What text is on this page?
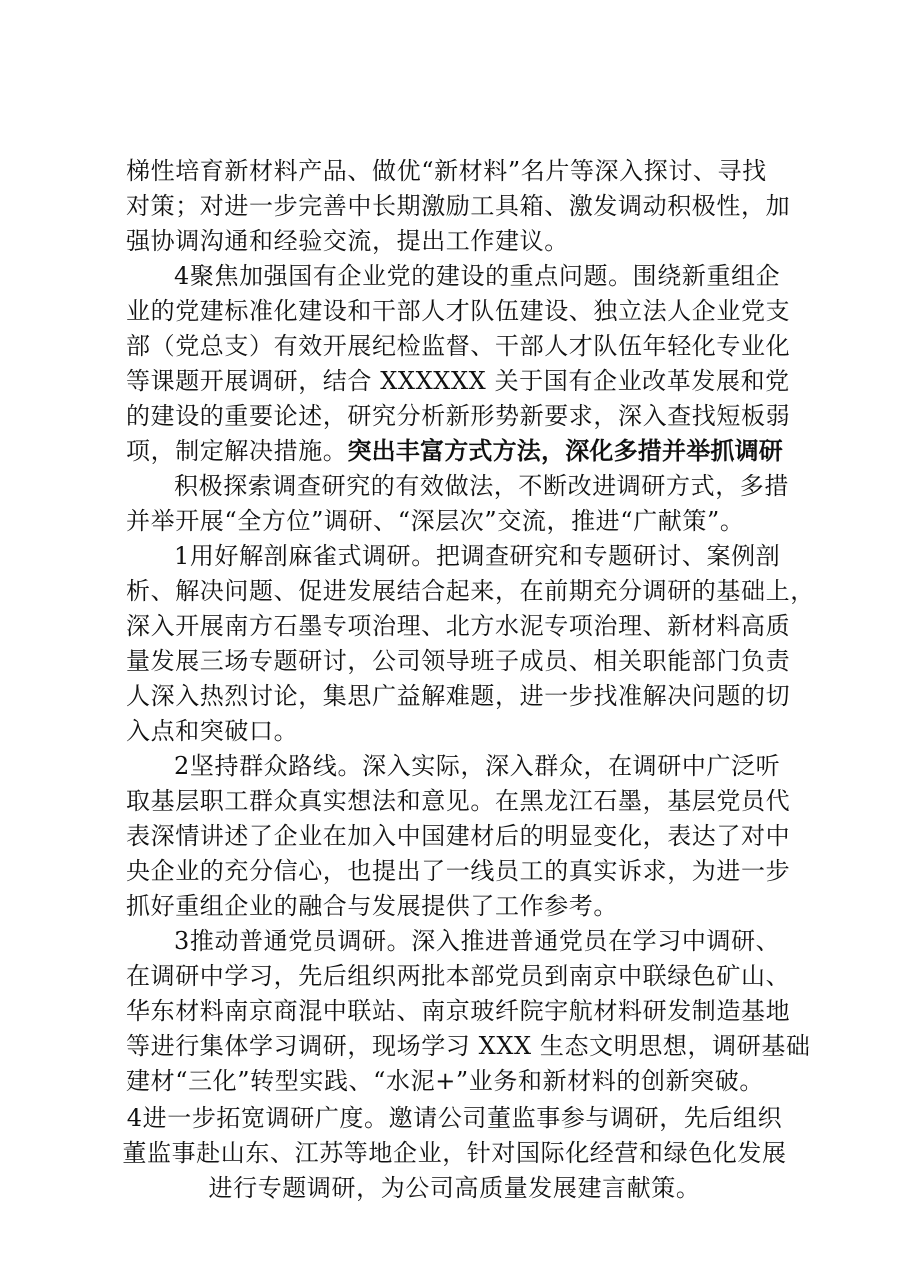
梯性培育新材料产品、做优“新材料”名片等深入探讨、寻找
对策；对进一步完善中长期激励工具箱、激发调动积极性，加
强协调沟通和经验交流，提出工作建议。
4聚焦加强国有企业党的建设的重点问题。围绕新重组企
业的党建标准化建设和干部人才队伍建设、独立法人企业党支
部（党总支）有效开展纪检监督、干部人才队伍年轻化专业化
等课题开展调研，结合 XXXXXX 关于国有企业改革发展和党
的建设的重要论述，研究分析新形势新要求，深入查找短板弱
项，制定解决措施。突出丰富方式方法，深化多措并举抓调研
积极探索调查研究的有效做法，不断改进调研方式，多措
并举开展“全方位”调研、“深层次”交流，推进“广献策”。
1用好解剖麻雀式调研。把调查研究和专题研讨、案例剖
析、解决问题、促进发展结合起来，在前期充分调研的基础上，
深入开展南方石墨专项治理、北方水泥专项治理、新材料高质
量发展三场专题研讨，公司领导班子成员、相关职能部门负责
人深入热烈讨论，集思广益解难题，进一步找准解决问题的切
入点和突破口。
2坚持群众路线。深入实际，深入群众，在调研中广泛听
取基层职工群众真实想法和意见。在黑龙江石墨，基层党员代
表深情讲述了企业在加入中国建材后的明显变化，表达了对中
央企业的充分信心，也提出了一线员工的真实诉求，为进一步
抓好重组企业的融合与发展提供了工作参考。
3推动普通党员调研。深入推进普通党员在学习中调研、
在调研中学习，先后组织两批本部党员到南京中联绿色矿山、
华东材料南京商混中联站、南京玻纤院宇航材料研发制造基地
等进行集体学习调研，现场学习 XXX 生态文明思想，调研基础
建材“三化”转型实践、“水泥+”业务和新材料的创新突破。
4进一步拓宽调研广度。邀请公司董监事参与调研，先后组织
董监事赴山东、江苏等地企业，针对国际化经营和绿色化发展
进行专题调研，为公司高质量发展建言献策。
